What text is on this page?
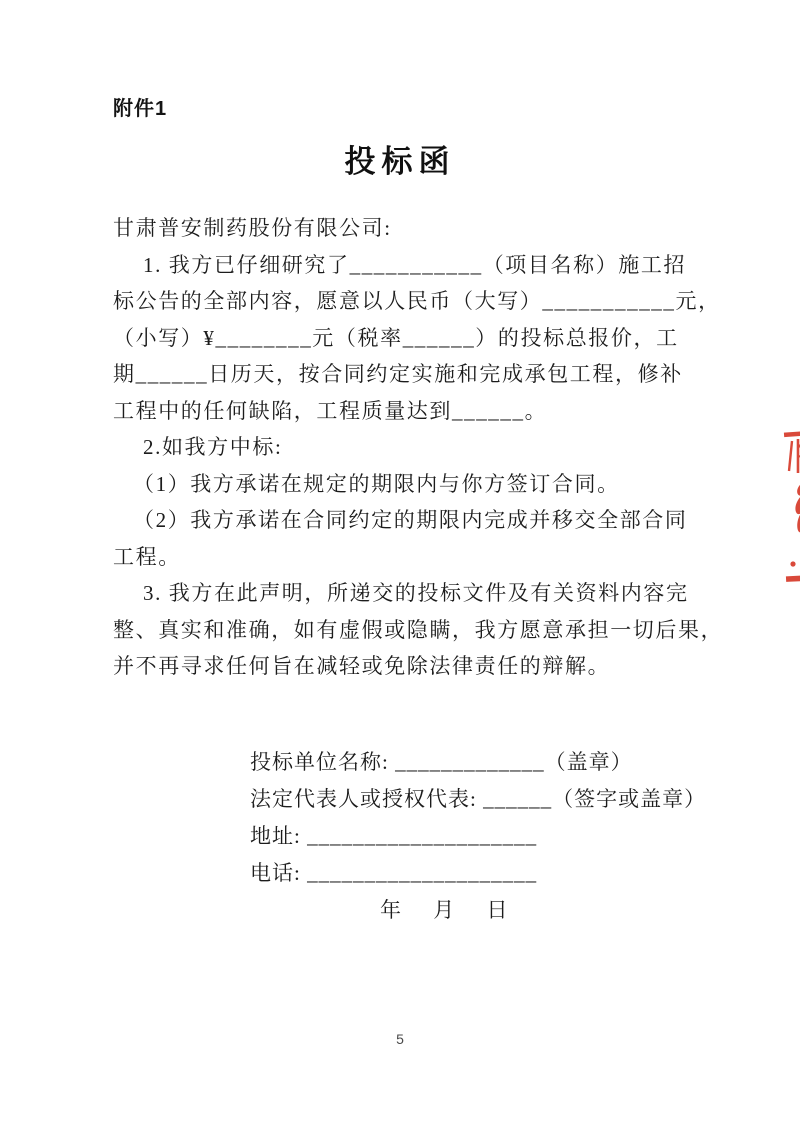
附件1
投标函
甘肃普安制药股份有限公司:
1. 我方已仔细研究了___________（项目名称）施工招
标公告的全部内容，愿意以人民币（大写）___________元，
（小写）¥________元（税率______）的投标总报价，工
期______日历天，按合同约定实施和完成承包工程，修补
工程中的任何缺陷，工程质量达到______。
2.如我方中标:
（1）我方承诺在规定的期限内与你方签订合同。
（2）我方承诺在合同约定的期限内完成并移交全部合同
工程。
3. 我方在此声明，所递交的投标文件及有关资料内容完
整、真实和准确，如有虚假或隐瞒，我方愿意承担一切后果，
并不再寻求任何旨在减轻或免除法律责任的辩解。
投标单位名称: _____________（盖章）
法定代表人或授权代表: ______（签字或盖章）
地址: ____________________
电话: ____________________
年     月     日
5
